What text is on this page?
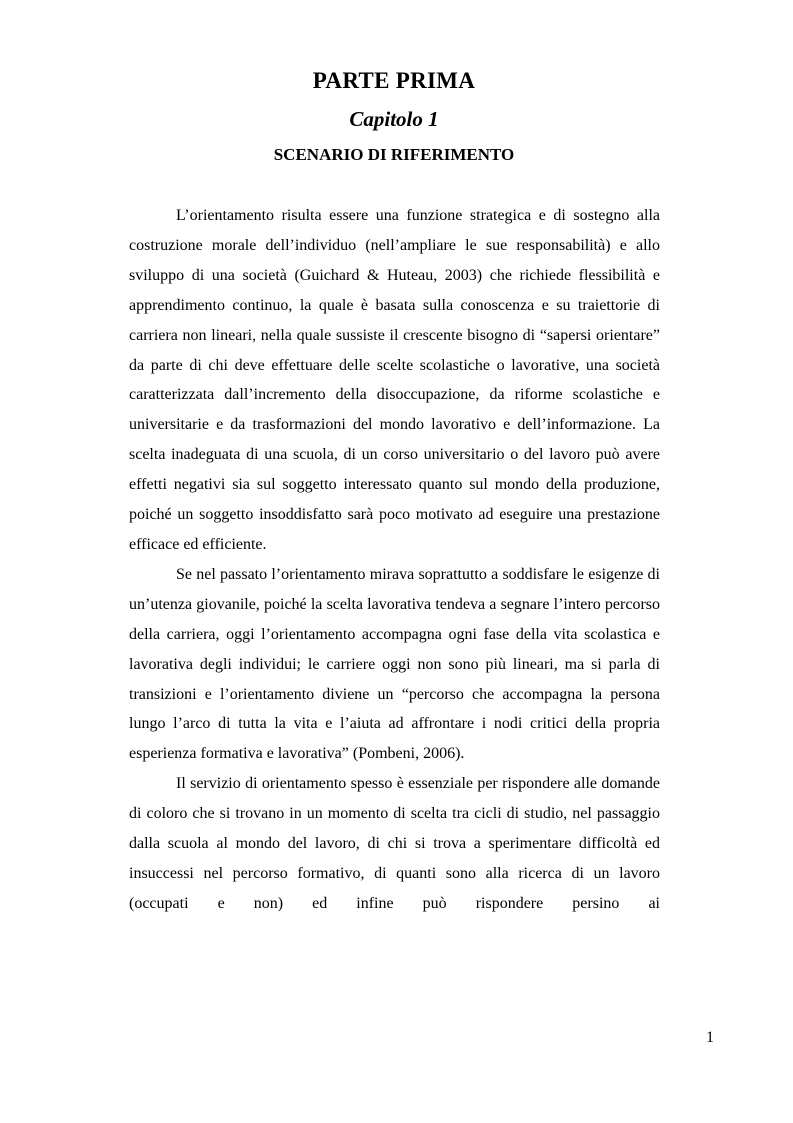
PARTE PRIMA
Capitolo 1
SCENARIO DI RIFERIMENTO

L’orientamento risulta essere una funzione strategica e di sostegno alla costruzione morale dell’individuo (nell’ampliare le sue responsabilità) e allo sviluppo di una società (Guichard & Huteau, 2003) che richiede flessibilità e apprendimento continuo, la quale è basata sulla conoscenza e su traiettorie di carriera non lineari, nella quale sussiste il crescente bisogno di “sapersi orientare” da parte di chi deve effettuare delle scelte scolastiche o lavorative, una società caratterizzata dall’incremento della disoccupazione, da riforme scolastiche e universitarie e da trasformazioni del mondo lavorativo e dell’informazione. La scelta inadeguata di una scuola, di un corso universitario o del lavoro può avere effetti negativi sia sul soggetto interessato quanto sul mondo della produzione, poiché un soggetto insoddisfatto sarà poco motivato ad eseguire una prestazione efficace ed efficiente.

Se nel passato l’orientamento mirava soprattutto a soddisfare le esigenze di un’utenza giovanile, poiché la scelta lavorativa tendeva a segnare l’intero percorso della carriera, oggi l’orientamento accompagna ogni fase della vita scolastica e lavorativa degli individui; le carriere oggi non sono più lineari, ma si parla di transizioni e l’orientamento diviene un “percorso che accompagna la persona lungo l’arco di tutta la vita e l’aiuta ad affrontare i nodi critici della propria esperienza formativa e lavorativa” (Pombeni, 2006).

Il servizio di orientamento spesso è essenziale per rispondere alle domande di coloro che si trovano in un momento di scelta tra cicli di studio, nel passaggio dalla scuola al mondo del lavoro, di chi si trova a sperimentare difficoltà ed insuccessi nel percorso formativo, di quanti sono alla ricerca di un lavoro (occupati e non) ed infine può rispondere persino ai

1
